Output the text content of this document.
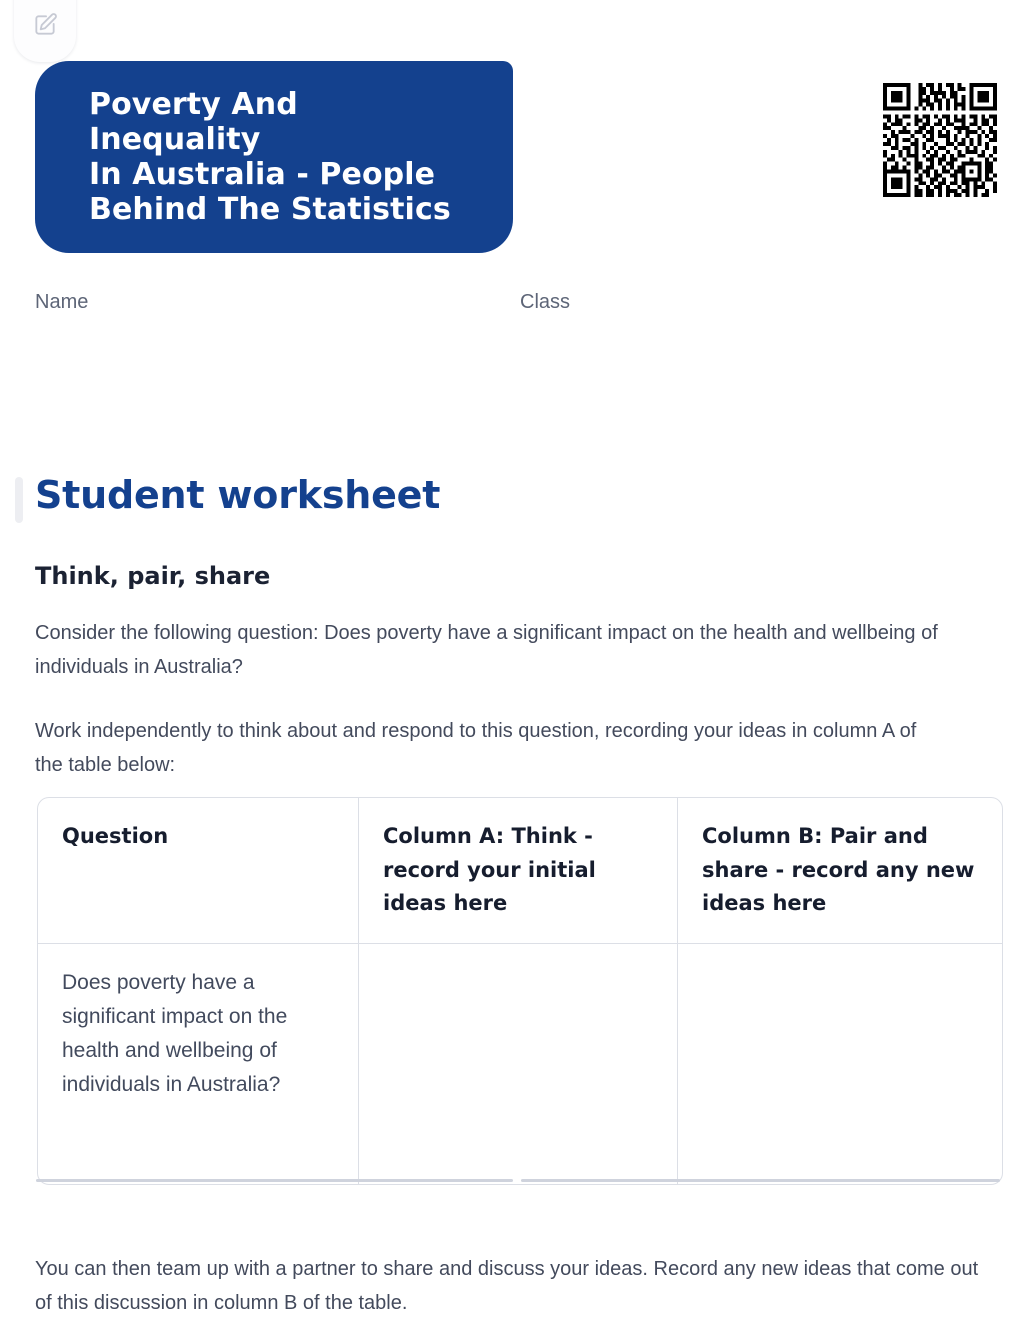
Poverty And Inequality
In Australia - People
Behind The Statistics
Name	Class
Student worksheet
Think, pair, share

Consider the following question: Does poverty have a significant impact on the health and wellbeing of individuals in Australia?

Work independently to think about and respond to this question, recording your ideas in column A of the table below:

Question	Column A: Think - record your initial ideas here	Column B: Pair and share - record any new ideas here
Does poverty have a significant impact on the health and wellbeing of individuals in Australia?		

You can then team up with a partner to share and discuss your ideas. Record any new ideas that come out of this discussion in column B of the table.
